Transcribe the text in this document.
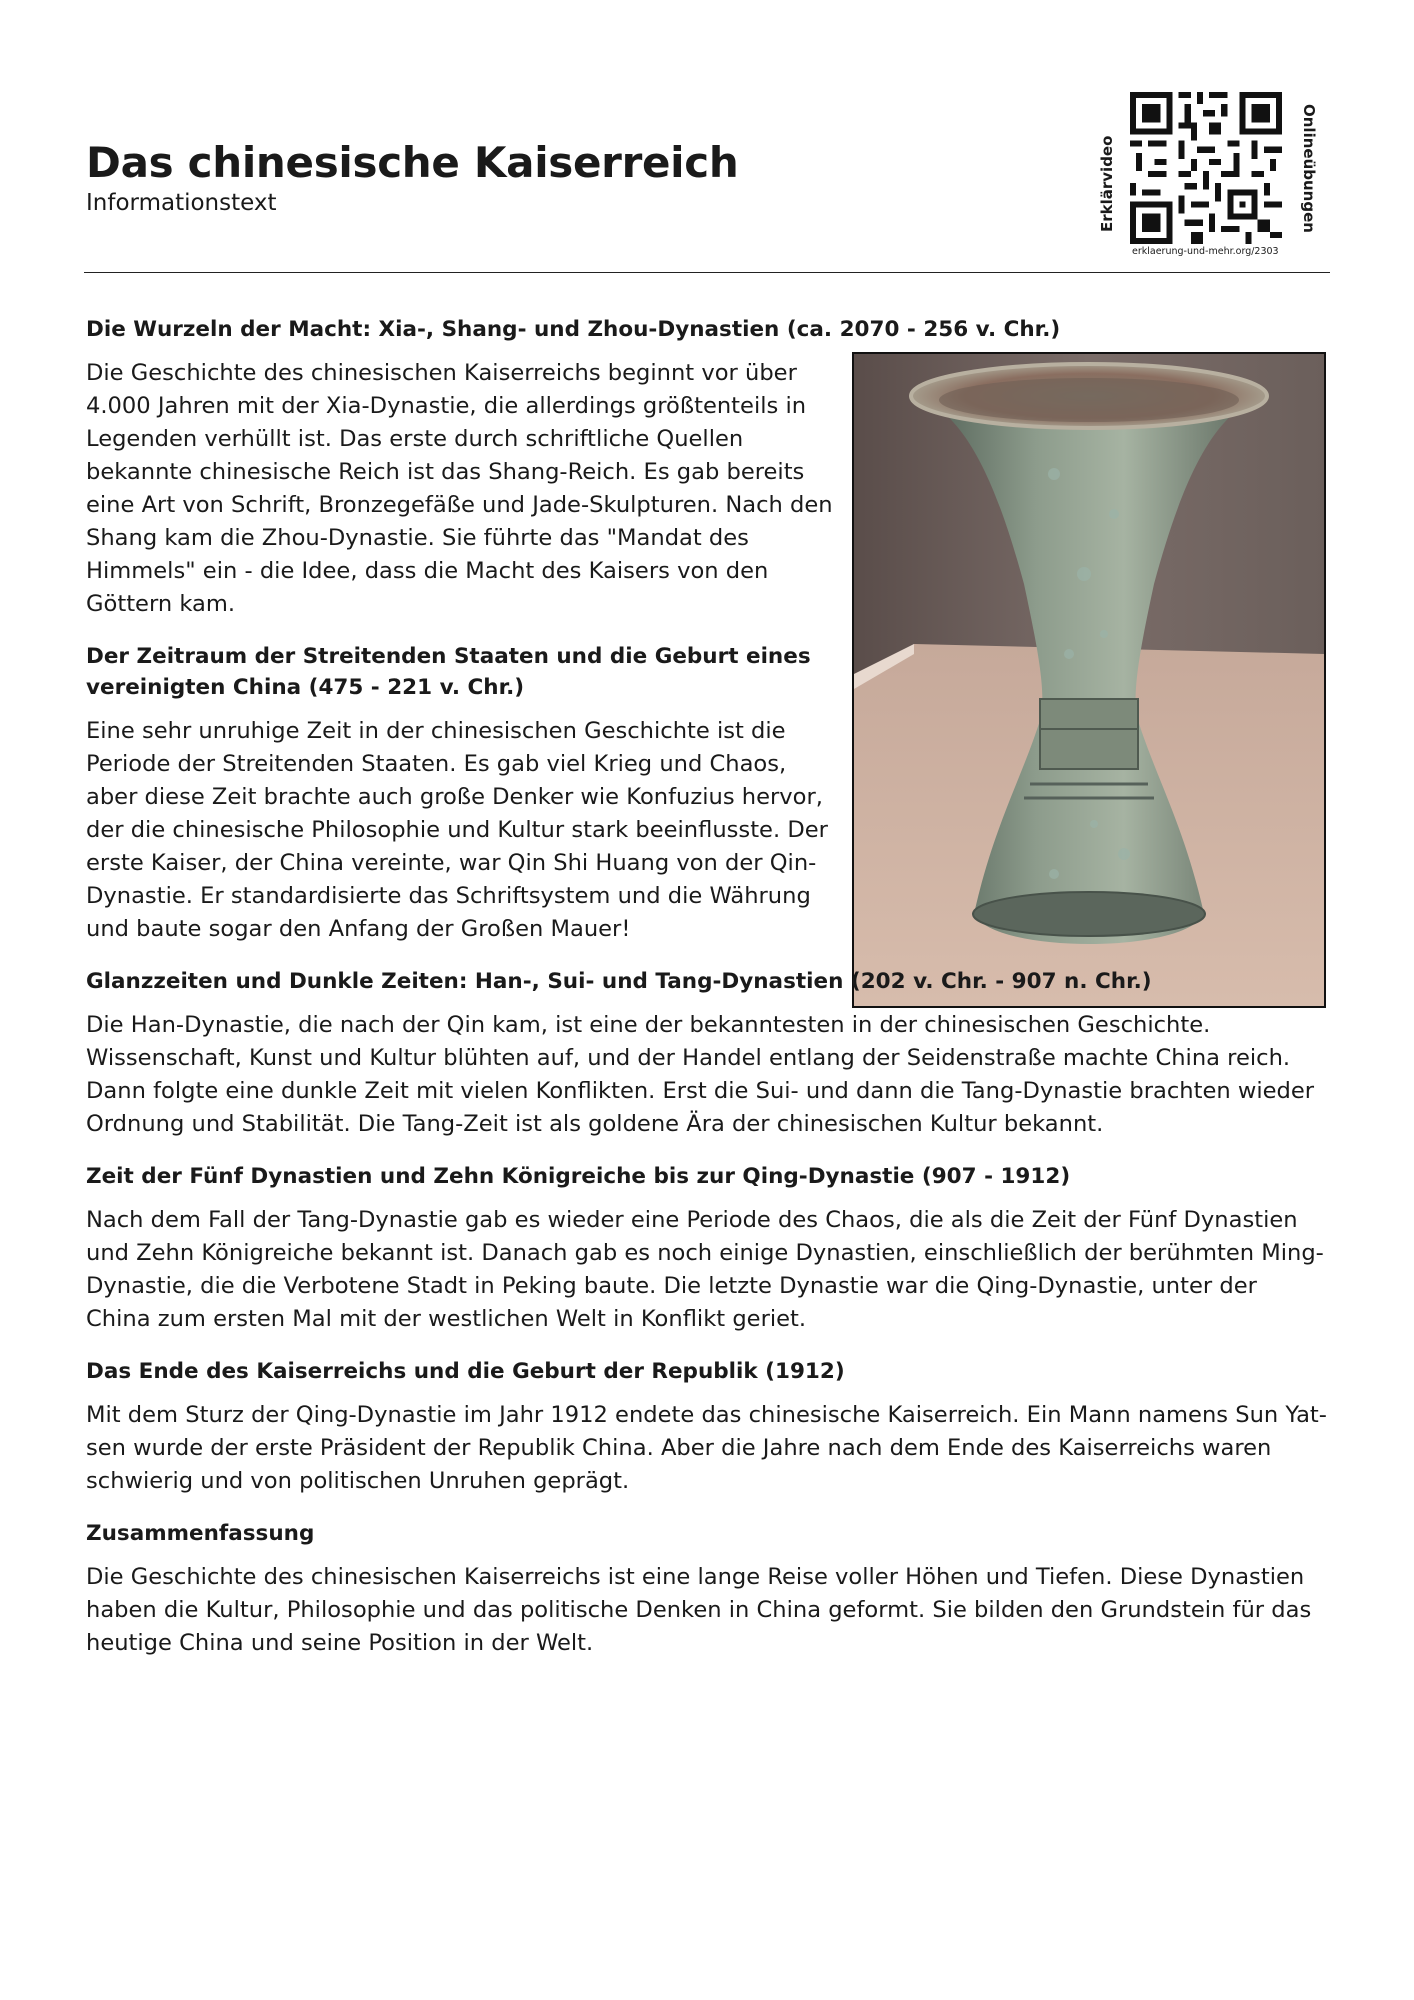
Das chinesische Kaiserreich
Informationstext	Erklärvideo	Onlineübungen
erklaerung-und-mehr.org/2303
Die Wurzeln der Macht: Xia-, Shang- und Zhou-Dynastien (ca. 2070 - 256 v. Chr.)

Die Geschichte des chinesischen Kaiserreichs beginnt vor über 4.000 Jahren mit der Xia-Dynastie, die allerdings größtenteils in Legenden verhüllt ist. Das erste durch schriftliche Quellen bekannte chinesische Reich ist das Shang-Reich. Es gab bereits eine Art von Schrift, Bronzegefäße und Jade-Skulpturen. Nach den Shang kam die Zhou-Dynastie. Sie führte das "Mandat des Himmels" ein - die Idee, dass die Macht des Kaisers von den Göttern kam.

Der Zeitraum der Streitenden Staaten und die Geburt eines vereinigten China (475 - 221 v. Chr.)

Eine sehr unruhige Zeit in der chinesischen Geschichte ist die Periode der Streitenden Staaten. Es gab viel Krieg und Chaos, aber diese Zeit brachte auch große Denker wie Konfuzius hervor, der die chinesische Philosophie und Kultur stark beeinflusste. Der erste Kaiser, der China vereinte, war Qin Shi Huang von der Qin-Dynastie. Er standardisierte das Schriftsystem und die Währung und baute sogar den Anfang der Großen Mauer!

Glanzzeiten und Dunkle Zeiten: Han-, Sui- und Tang-Dynastien (202 v. Chr. - 907 n. Chr.)

Die Han-Dynastie, die nach der Qin kam, ist eine der bekanntesten in der chinesischen Geschichte. Wissenschaft, Kunst und Kultur blühten auf, und der Handel entlang der Seidenstraße machte China reich. Dann folgte eine dunkle Zeit mit vielen Konflikten. Erst die Sui- und dann die Tang-Dynastie brachten wieder Ordnung und Stabilität. Die Tang-Zeit ist als goldene Ära der chinesischen Kultur bekannt.

Zeit der Fünf Dynastien und Zehn Königreiche bis zur Qing-Dynastie (907 - 1912)

Nach dem Fall der Tang-Dynastie gab es wieder eine Periode des Chaos, die als die Zeit der Fünf Dynastien und Zehn Königreiche bekannt ist. Danach gab es noch einige Dynastien, einschließlich der berühmten Ming-Dynastie, die die Verbotene Stadt in Peking baute. Die letzte Dynastie war die Qing-Dynastie, unter der China zum ersten Mal mit der westlichen Welt in Konflikt geriet.

Das Ende des Kaiserreichs und die Geburt der Republik (1912)

Mit dem Sturz der Qing-Dynastie im Jahr 1912 endete das chinesische Kaiserreich. Ein Mann namens Sun Yat-sen wurde der erste Präsident der Republik China. Aber die Jahre nach dem Ende des Kaiserreichs waren schwierig und von politischen Unruhen geprägt.

Zusammenfassung

Die Geschichte des chinesischen Kaiserreichs ist eine lange Reise voller Höhen und Tiefen. Diese Dynastien haben die Kultur, Philosophie und das politische Denken in China geformt. Sie bilden den Grundstein für das heutige China und seine Position in der Welt.
